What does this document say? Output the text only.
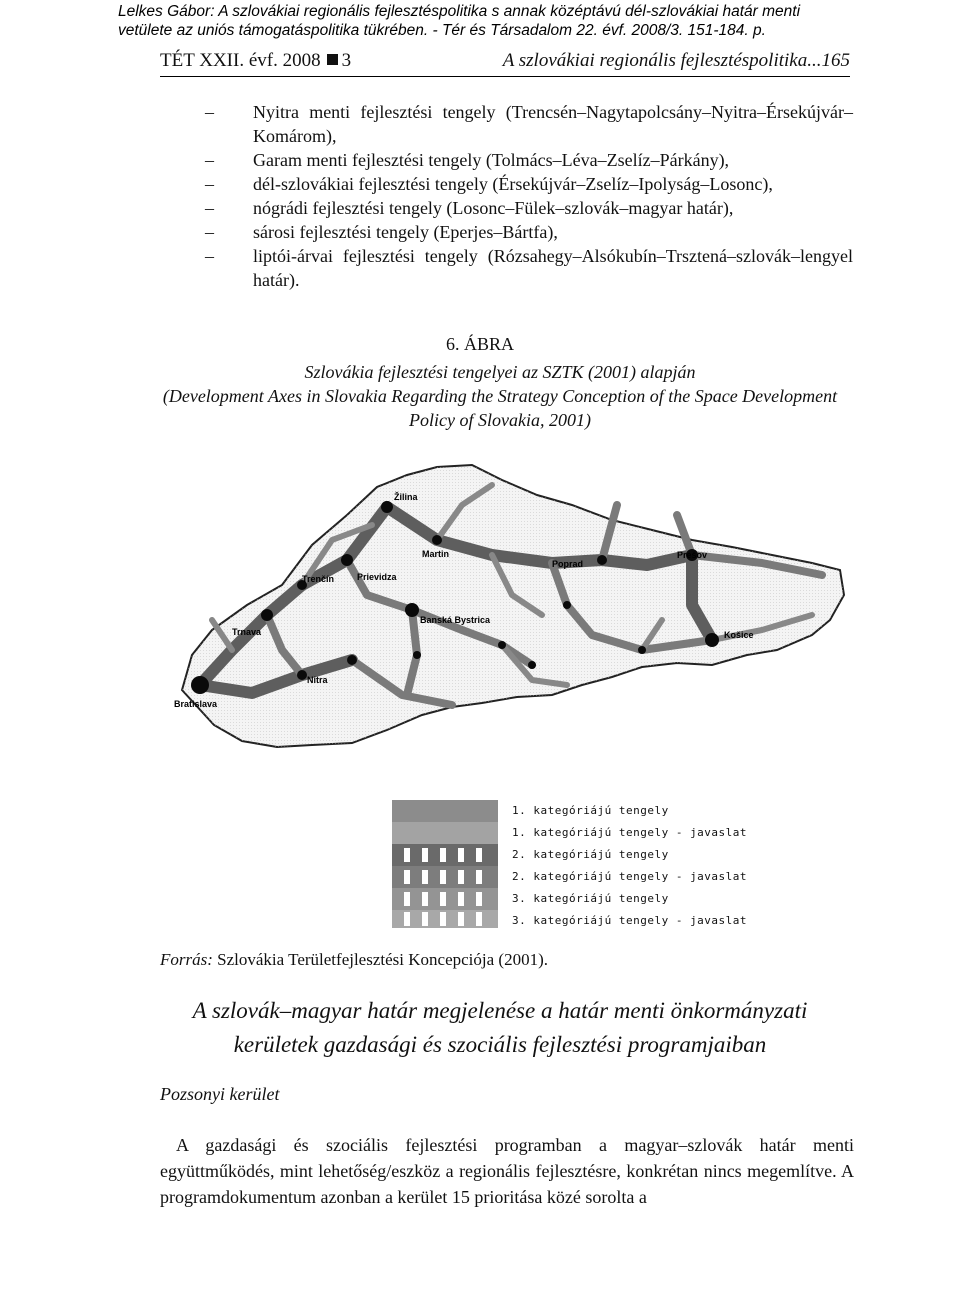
Lelkes Gábor: A szlovákiai regionális fejlesztéspolitika s annak középtávú dél-szlovákiai határ menti
vetülete az uniós támogatáspolitika tükrében. - Tér és Társadalom 22. évf. 2008/3. 151-184. p.
TÉT XXII. évf. 2008 3	A szlovákiai regionális fejlesztéspolitika...165
– Nyitra menti fejlesztési tengely (Trencsén–Nagytapolcsány–Nyitra–Érsekújvár–Komárom),
– Garam menti fejlesztési tengely (Tolmács–Léva–Zselíz–Párkány),
– dél-szlovákiai fejlesztési tengely (Érsekújvár–Zselíz–Ipolyság–Losonc),
– nógrádi fejlesztési tengely (Losonc–Fülek–szlovák–magyar határ),
– sárosi fejlesztési tengely (Eperjes–Bártfa),
– liptói-árvai fejlesztési tengely (Rózsahegy–Alsókubín–Trsztená–szlovák–lengyel határ).
6. ÁBRA
Szlovákia fejlesztési tengelyei az SZTK (2001) alapján
(Development Axes in Slovakia Regarding the Strategy Conception of the Space Development Policy of Slovakia, 2001)
Žilina
Martin
Poprad
Prešov
Trenčín	Prievidza
Banská Bystrica
Košice
Trnava
Nitra
Bratislava
1. kategóriájú tengely
1. kategóriájú tengely - javaslat
2. kategóriájú tengely
2. kategóriájú tengely - javaslat
3. kategóriájú tengely
3. kategóriájú tengely - javaslat
Forrás: Szlovákia Területfejlesztési Koncepciója (2001).
A szlovák–magyar határ megjelenése a határ menti önkormányzati kerületek gazdasági és szociális fejlesztési programjaiban
Pozsonyi kerület

A gazdasági és szociális fejlesztési programban a magyar–szlovák határ menti együttműködés, mint lehetőség/eszköz a regionális fejlesztésre, konkrétan nincs megemlítve. A programdokumentum azonban a kerület 15 prioritása közé sorolta a
